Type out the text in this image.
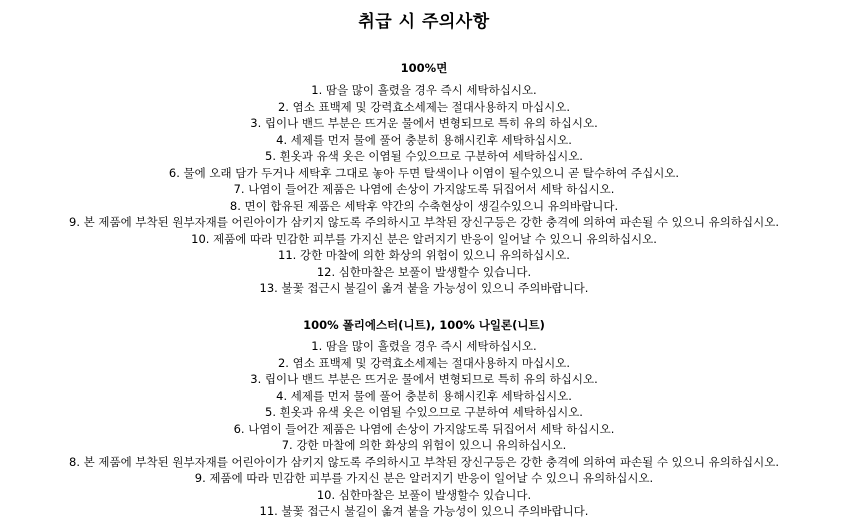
취급 시 주의사항
100%면
1. 땀을 많이 흘렸을 경우 즉시 세탁하십시오.
2. 염소 표백제 및 강력효소세제는 절대사용하지 마십시오.
3. 립이나 밴드 부분은 뜨거운 물에서 변형되므로 특히 유의 하십시오.
4. 세제를 먼저 물에 풀어 충분히 용해시킨후 세탁하십시오.
5. 흰옷과 유색 옷은 이염될 수있으므로 구분하여 세탁하십시오.
6. 물에 오래 담가 두거나 세탁후 그대로 놓아 두면 탈색이나 이염이 될수있으니 곧 탈수하여 주십시오.
7. 나염이 들어간 제품은 나염에 손상이 가지않도록 뒤집어서 세탁 하십시오.
8. 면이 합유된 제품은 세탁후 약간의 수축현상이 생길수있으니 유의바랍니다.
9. 본 제품에 부착된 원부자재를 어린아이가 삼키지 않도록 주의하시고 부착된 장신구등은 강한 충격에 의하여 파손될 수 있으니 유의하십시오.
10. 제품에 따라 민감한 피부를 가지신 분은 알러지기 반응이 일어날 수 있으니 유의하십시오.
11. 강한 마찰에 의한 화상의 위험이 있으니 유의하십시오.
12. 심한마찰은 보풀이 발생할수 있습니다.
13. 불꽃 접근시 불길이 옮겨 붙을 가능성이 있으니 주의바랍니다.
100% 폴리에스터(니트), 100% 나일론(니트)
1. 땀을 많이 흘렸을 경우 즉시 세탁하십시오.
2. 염소 표백제 및 강력효소세제는 절대사용하지 마십시오.
3. 립이나 밴드 부분은 뜨거운 물에서 변형되므로 특히 유의 하십시오.
4. 세제를 먼저 물에 풀어 충분히 용해시킨후 세탁하십시오.
5. 흰옷과 유색 옷은 이염될 수있으므로 구분하여 세탁하십시오.
6. 나염이 들어간 제품은 나염에 손상이 가지않도록 뒤집어서 세탁 하십시오.
7. 강한 마찰에 의한 화상의 위험이 있으니 유의하십시오.
8. 본 제품에 부착된 원부자재를 어린아이가 삼키지 않도록 주의하시고 부착된 장신구등은 강한 충격에 의하여 파손될 수 있으니 유의하십시오.
9. 제품에 따라 민감한 피부를 가지신 분은 알러지기 반응이 일어날 수 있으니 유의하십시오.
10. 심한마찰은 보풀이 발생할수 있습니다.
11. 불꽃 접근시 불길이 옮겨 붙을 가능성이 있으니 주의바랍니다.
